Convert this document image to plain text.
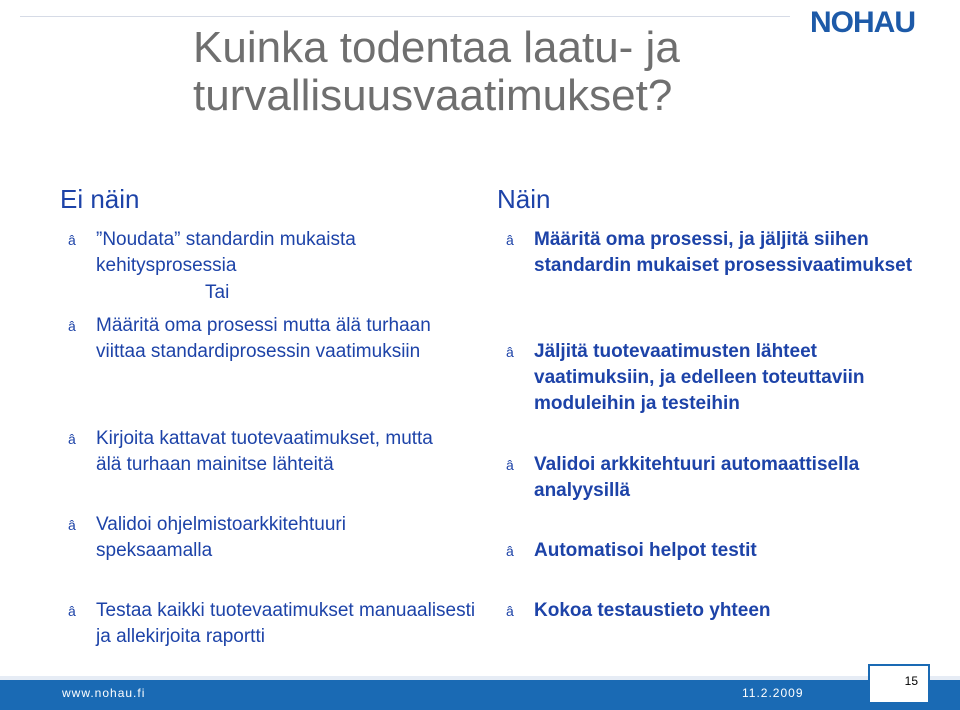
NOHAU
Kuinka todentaa laatu- ja turvallisuusvaatimukset?
Ei näin	Näin
â	”Noudata” standardin mukaista kehitysprosessia
Tai
â	Määritä oma prosessi mutta älä turhaan viittaa standardiprosessin vaatimuksiin
â	Kirjoita kattavat tuotevaatimukset, mutta älä turhaan mainitse lähteitä
â	Validoi ohjelmistoarkkitehtuuri speksaamalla
â	Testaa kaikki tuotevaatimukset manuaalisesti ja allekirjoita raportti
â	Määritä oma prosessi, ja jäljitä siihen standardin mukaiset prosessivaatimukset
â	Jäljitä tuotevaatimusten lähteet vaatimuksiin, ja edelleen toteuttaviin moduleihin ja testeihin
â	Validoi arkkitehtuuri automaattisella analyysillä
â	Automatisoi helpot testit
â	Kokoa testaustieto yhteen
www.nohau.fi	11.2.2009
15
